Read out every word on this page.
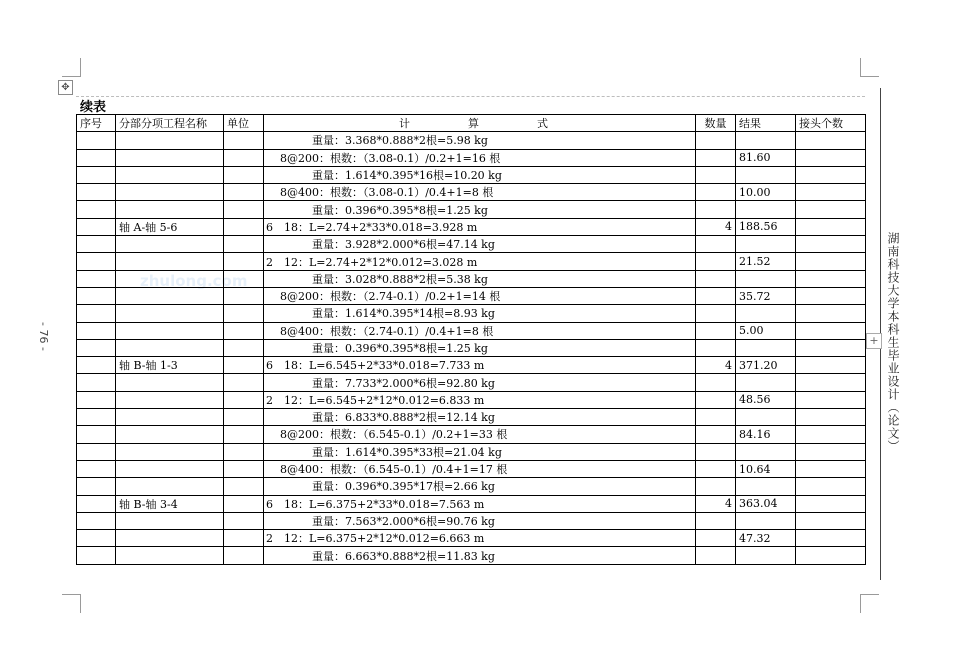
✥
续表
zhulong.com
序号	分部分项工程名称	单位	计　　算　　式	数量	结果	接头个数
			重量：3.368*0.888*2根=5.98 kg			
			8@200：根数：（3.08-0.1）/0.2+1=16 根		81.60	
			重量：1.614*0.395*16根=10.20 kg			
			8@400：根数：（3.08-0.1）/0.4+1=8 根		10.00	
			重量：0.396*0.395*8根=1.25 kg			
	轴 A-轴 5-6		6　18：L=2.74+2*33*0.018=3.928 m	4	188.56	
			重量：3.928*2.000*6根=47.14 kg			
			2　12：L=2.74+2*12*0.012=3.028 m		21.52	
			重量：3.028*0.888*2根=5.38 kg			
			8@200：根数：（2.74-0.1）/0.2+1=14 根		35.72	
			重量：1.614*0.395*14根=8.93 kg			
			8@400：根数：（2.74-0.1）/0.4+1=8 根		5.00	
			重量：0.396*0.395*8根=1.25 kg			
	轴 B-轴 1-3		6　18：L=6.545+2*33*0.018=7.733 m	4	371.20	
			重量：7.733*2.000*6根=92.80 kg			
			2　12：L=6.545+2*12*0.012=6.833 m		48.56	
			重量：6.833*0.888*2根=12.14 kg			
			8@200：根数：（6.545-0.1）/0.2+1=33 根		84.16	
			重量：1.614*0.395*33根=21.04 kg			
			8@400：根数：（6.545-0.1）/0.4+1=17 根		10.64	
			重量：0.396*0.395*17根=2.66 kg			
	轴 B-轴 3-4		6　18：L=6.375+2*33*0.018=7.563 m	4	363.04	
			重量：7.563*2.000*6根=90.76 kg			
			2　12：L=6.375+2*12*0.012=6.663 m		47.32	
			重量：6.663*0.888*2根=11.83 kg			
湖南科技大学本科生毕业设计（论文）
+
- 76 -
